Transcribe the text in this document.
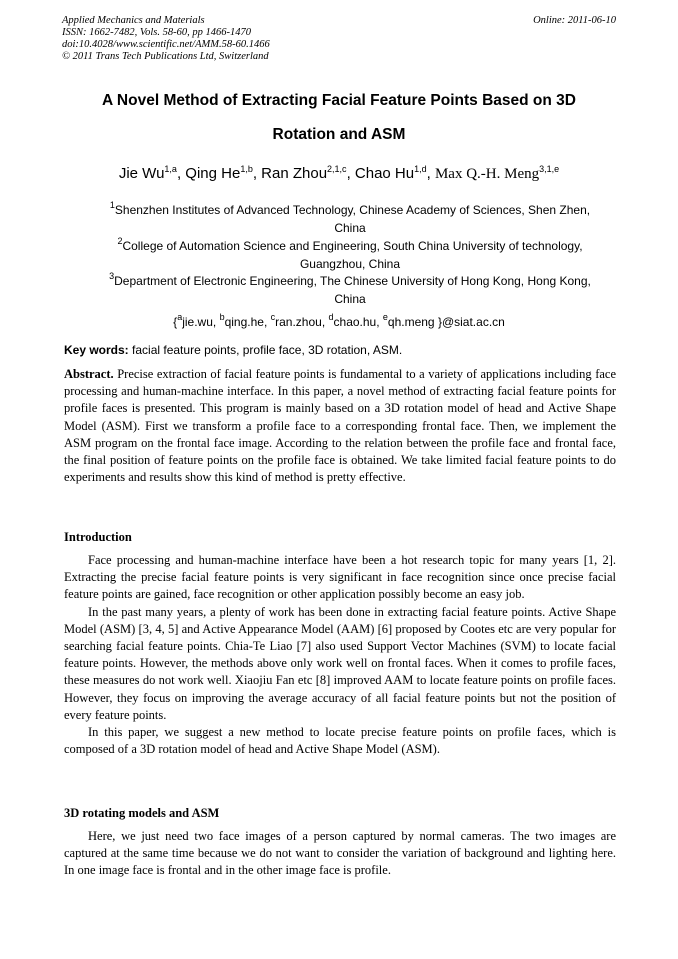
Applied Mechanics and Materials
ISSN: 1662-7482, Vols. 58-60, pp 1466-1470
doi:10.4028/www.scientific.net/AMM.58-60.1466
© 2011 Trans Tech Publications Ltd, Switzerland
Online: 2011-06-10
A Novel Method of Extracting Facial Feature Points Based on 3D
Rotation and ASM
Jie Wu$^{1,a}$, Qing He$^{1,b}$, Ran Zhou$^{2,1,c}$, Chao Hu$^{1,d}$, Max Q.-H. Meng$^{3,1,e}$
$^1$Shenzhen Institutes of Advanced Technology, Chinese Academy of Sciences, Shen Zhen,
China
$^2$College of Automation Science and Engineering, South China University of technology,
Guangzhou, China
$^3$Department of Electronic Engineering, The Chinese University of Hong Kong, Hong Kong,
China
{$^a$jie.wu, $^b$qing.he, $^c$ran.zhou, $^d$chao.hu, $^e$qh.meng }@siat.ac.cn
Key words: facial feature points, profile face, 3D rotation, ASM.

Abstract. Precise extraction of facial feature points is fundamental to a variety of applications including face processing and human-machine interface. In this paper, a novel method of extracting facial feature points for profile faces is presented. This program is mainly based on a 3D rotation model of head and Active Shape Model (ASM). First we transform a profile face to a corresponding frontal face. Then, we implement the ASM program on the frontal face image. According to the relation between the profile face and frontal face, the final position of feature points on the profile face is obtained. We take limited facial feature points to do experiments and results show this kind of method is pretty effective.

Introduction

Face processing and human-machine interface have been a hot research topic for many years [1, 2]. Extracting the precise facial feature points is very significant in face recognition since once precise facial feature points are gained, face recognition or other application possibly become an easy job.

In the past many years, a plenty of work has been done in extracting facial feature points. Active Shape Model (ASM) [3, 4, 5] and Active Appearance Model (AAM) [6] proposed by Cootes etc are very popular for searching facial feature points. Chia-Te Liao [7] also used Support Vector Machines (SVM) to locate facial feature points. However, the methods above only work well on frontal faces. When it comes to profile faces, these measures do not work well. Xiaojiu Fan etc [8] improved AAM to locate feature points on profile faces. However, they focus on improving the average accuracy of all facial feature points but not the position of every feature points.

In this paper, we suggest a new method to locate precise feature points on profile faces, which is composed of a 3D rotation model of head and Active Shape Model (ASM).

3D rotating models and ASM

Here, we just need two face images of a person captured by normal cameras. The two images are captured at the same time because we do not want to consider the variation of background and lighting here. In one image face is frontal and in the other image face is profile.
